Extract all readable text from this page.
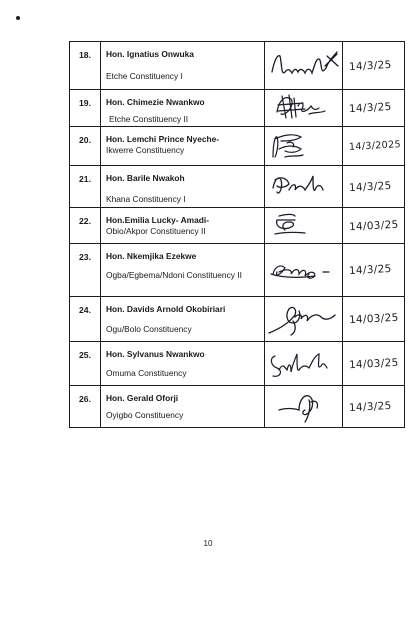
18.	Hon. Ignatius Onwuka
Etche Constituency I		14/3/25

19.	Hon. Chimezie Nwankwo
Etche Constituency II		14/3/25

20.	Hon. Lemchi Prince Nyeche-
Ikwerre Constituency		14/3/2025

21.	Hon. Barile Nwakoh
Khana Constituency I		14/3/25

22.	Hon.Emilia Lucky- Amadi-
Obio/Akpor Constituency II		14/03/25

23.	Hon. Nkemjika Ezekwe
Ogba/Egbema/Ndoni Constituency II		14/3/25

24.	Hon. Davids Arnold Okobiriari
Ogu/Bolo Constituency		14/03/25

25.	Hon. Sylvanus Nwankwo
Omuma Constituency		14/03/25

26.	Hon. Gerald Oforji
Oyigbo Constituency		14/3/25
10
